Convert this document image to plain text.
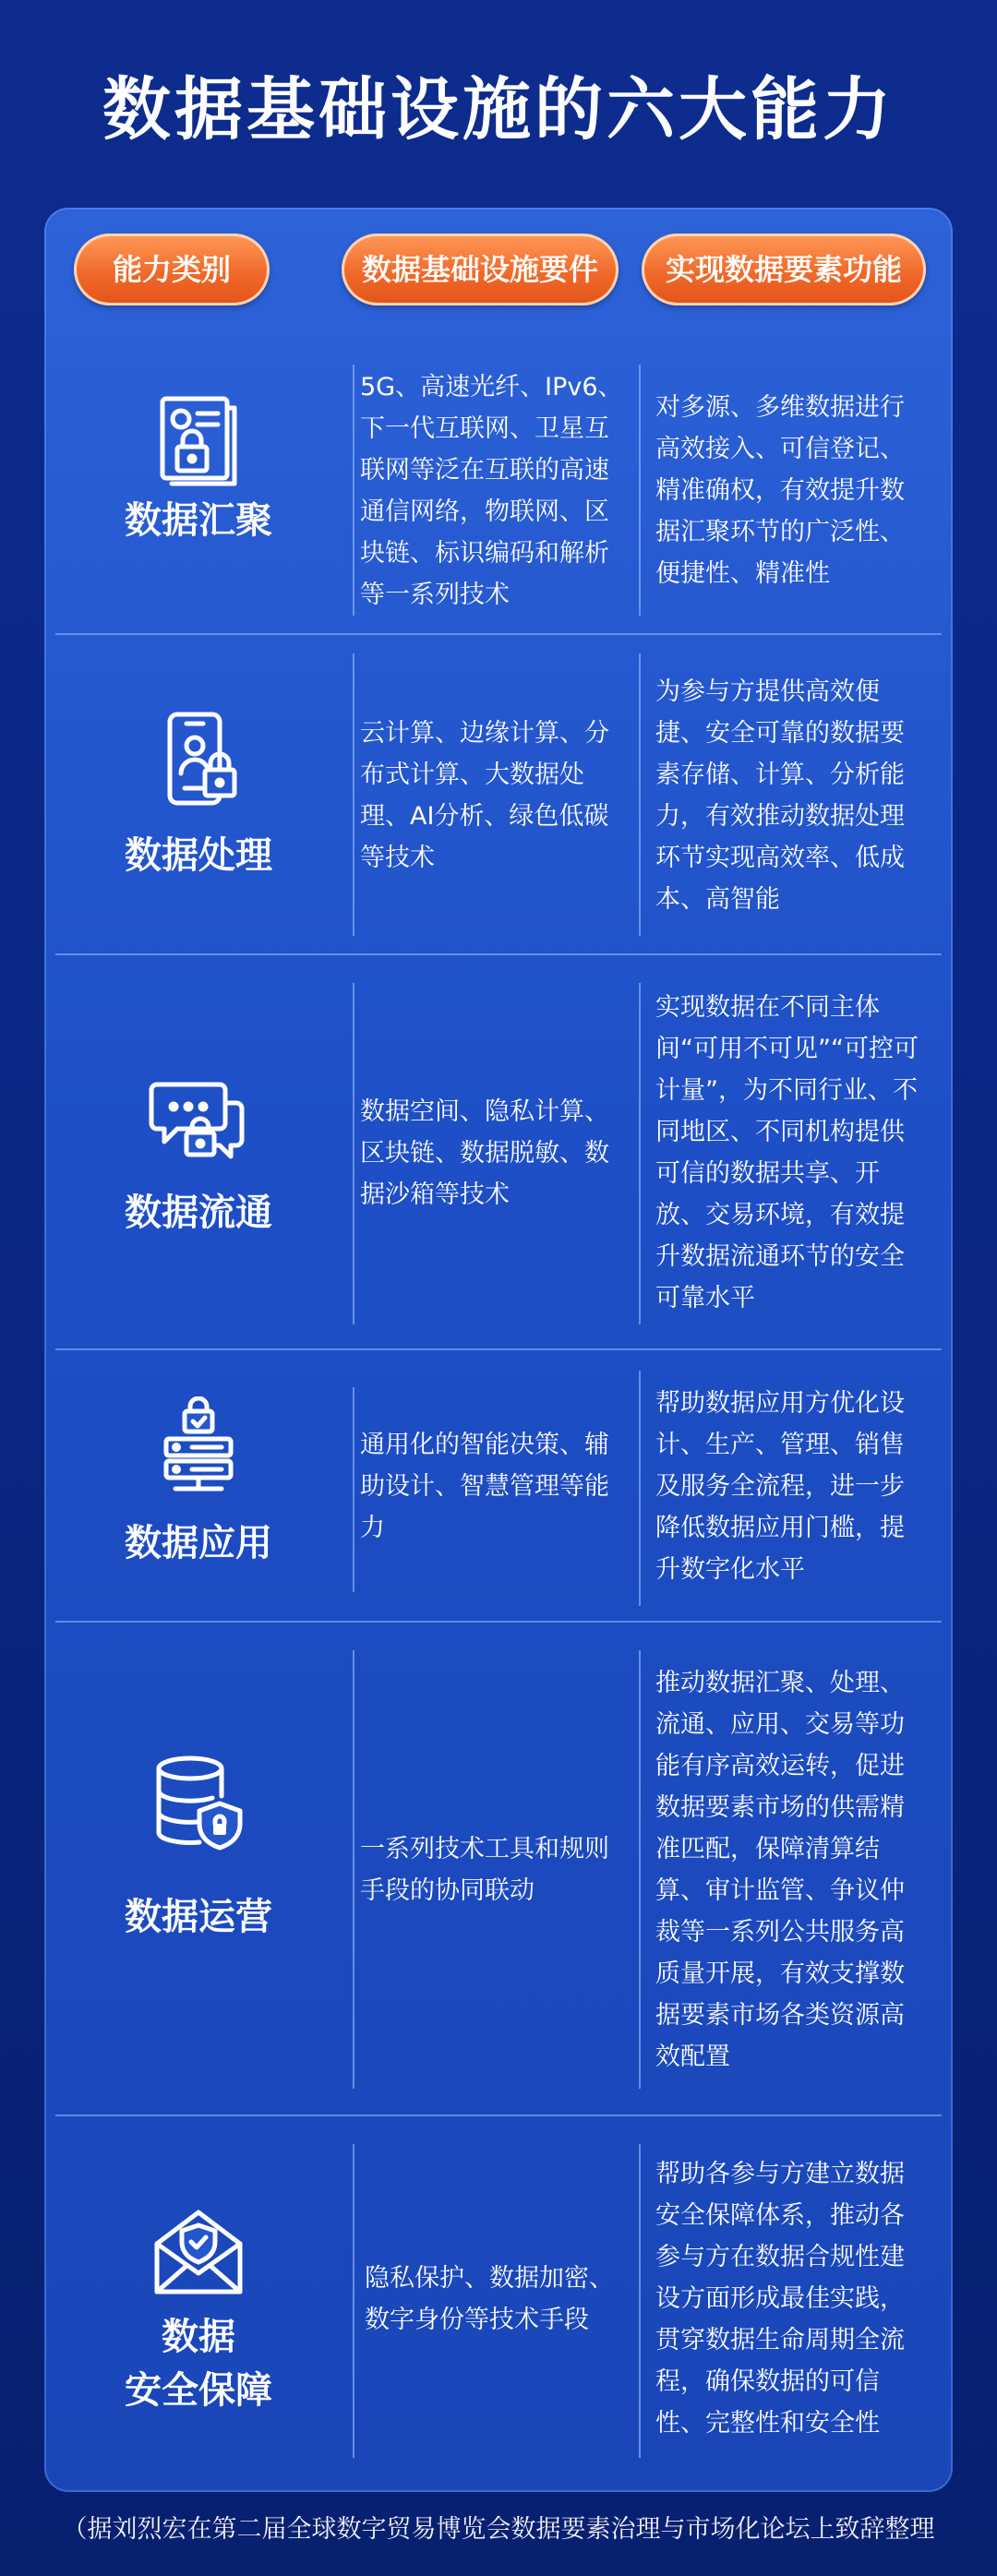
数据基础设施的六大能力
能力类别	数据基础设施要件	实现数据要素功能
数据汇聚
5G、高速光纤、IPv6、下一代互联网、卫星互联网等泛在互联的高速通信网络，物联网、区块链、标识编码和解析等一系列技术
对多源、多维数据进行高效接入、可信登记、精准确权，有效提升数据汇聚环节的广泛性、便捷性、精准性
数据处理
云计算、边缘计算、分布式计算、大数据处理、AI分析、绿色低碳等技术
为参与方提供高效便捷、安全可靠的数据要素存储、计算、分析能力，有效推动数据处理环节实现高效率、低成本、高智能
数据流通
数据空间、隐私计算、区块链、数据脱敏、数据沙箱等技术
实现数据在不同主体间“可用不可见”“可控可计量”，为不同行业、不同地区、不同机构提供可信的数据共享、开放、交易环境，有效提升数据流通环节的安全可靠水平
数据应用
通用化的智能决策、辅助设计、智慧管理等能力
帮助数据应用方优化设计、生产、管理、销售及服务全流程，进一步降低数据应用门槛，提升数字化水平
数据运营
一系列技术工具和规则手段的协同联动
推动数据汇聚、处理、流通、应用、交易等功能有序高效运转，促进数据要素市场的供需精准匹配，保障清算结算、审计监管、争议仲裁等一系列公共服务高质量开展，有效支撑数据要素市场各类资源高效配置
数据
安全保障
隐私保护、数据加密、数字身份等技术手段
帮助各参与方建立数据安全保障体系，推动各参与方在数据合规性建设方面形成最佳实践，贯穿数据生命周期全流程，确保数据的可信性、完整性和安全性
（据刘烈宏在第二届全球数字贸易博览会数据要素治理与市场化论坛上致辞整理
